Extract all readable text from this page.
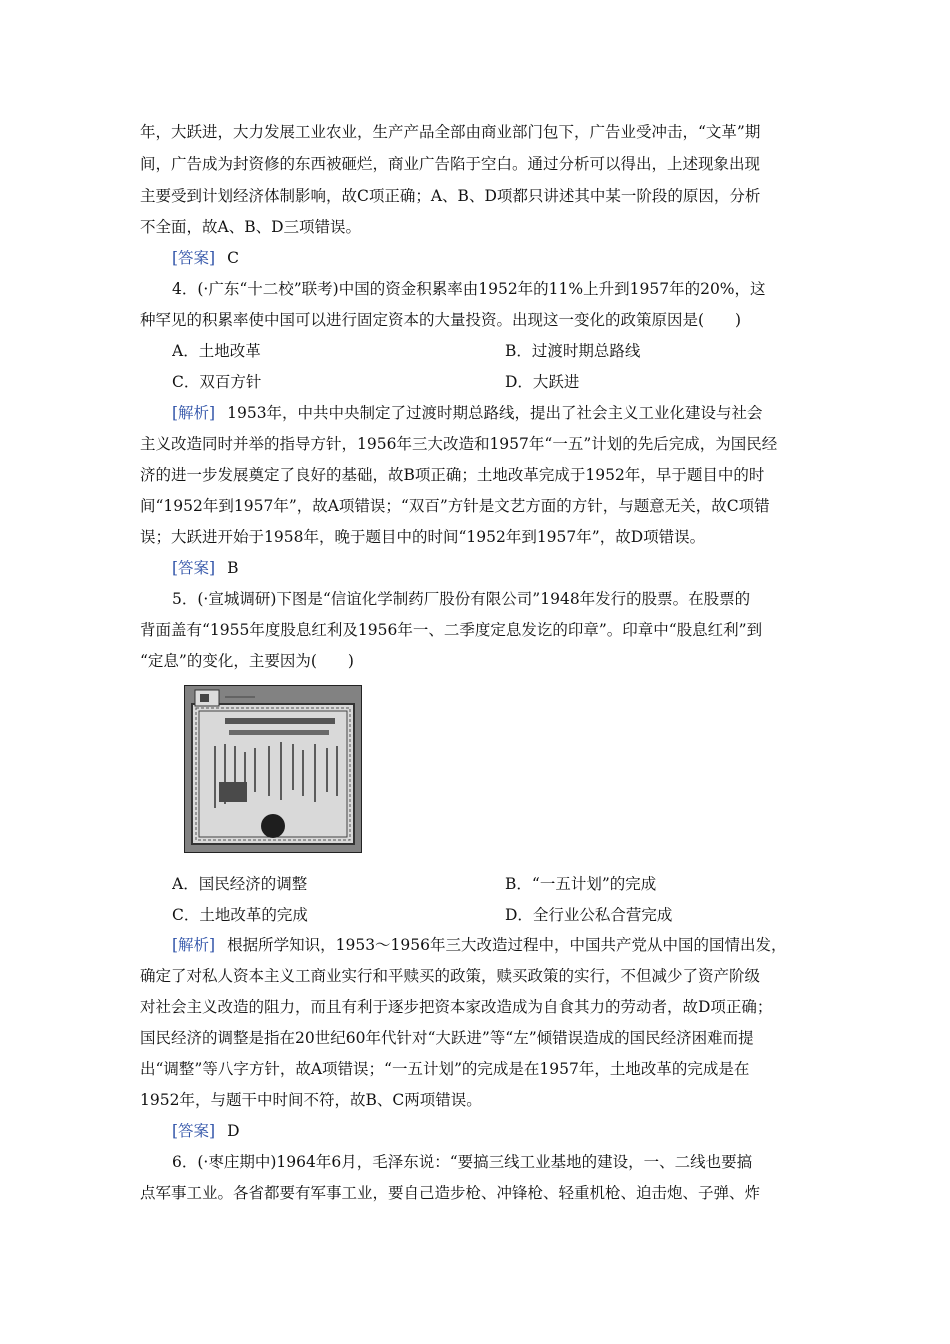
年，大跃进，大力发展工业农业，生产产品全部由商业部门包下，广告业受冲击，“文革”期
间，广告成为封资修的东西被砸烂，商业广告陷于空白。通过分析可以得出，上述现象出现
主要受到计划经济体制影响，故C项正确；A、B、D项都只讲述其中某一阶段的原因，分析
不全面，故A、B、D三项错误。
[答案] C
4．(·广东“十二校”联考)中国的资金积累率由1952年的11%上升到1957年的20%，这
种罕见的积累率使中国可以进行固定资本的大量投资。出现这一变化的政策原因是(　　)
A．土地改革	B．过渡时期总路线
C．双百方针	D．大跃进
[解析] 1953年，中共中央制定了过渡时期总路线，提出了社会主义工业化建设与社会
主义改造同时并举的指导方针，1956年三大改造和1957年“一五”计划的先后完成，为国民经
济的进一步发展奠定了良好的基础，故B项正确；土地改革完成于1952年，早于题目中的时
间“1952年到1957年”，故A项错误；“双百”方针是文艺方面的方针，与题意无关，故C项错
误；大跃进开始于1958年，晚于题目中的时间“1952年到1957年”，故D项错误。
[答案] B
5．(·宣城调研)下图是“信谊化学制药厂股份有限公司”1948年发行的股票。在股票的
背面盖有“1955年度股息红利及1956年一、二季度定息发讫的印章”。印章中“股息红利”到
“定息”的变化，主要因为(　　)
A．国民经济的调整	B．“一五计划”的完成
C．土地改革的完成	D．全行业公私合营完成
[解析] 根据所学知识，1953～1956年三大改造过程中，中国共产党从中国的国情出发，
确定了对私人资本主义工商业实行和平赎买的政策，赎买政策的实行，不但减少了资产阶级
对社会主义改造的阻力，而且有利于逐步把资本家改造成为自食其力的劳动者，故D项正确；
国民经济的调整是指在20世纪60年代针对“大跃进”等“左”倾错误造成的国民经济困难而提
出“调整”等八字方针，故A项错误；“一五计划”的完成是在1957年，土地改革的完成是在
1952年，与题干中时间不符，故B、C两项错误。
[答案] D
6．(·枣庄期中)1964年6月，毛泽东说：“要搞三线工业基地的建设，一、二线也要搞
点军事工业。各省都要有军事工业，要自己造步枪、冲锋枪、轻重机枪、迫击炮、子弹、炸
